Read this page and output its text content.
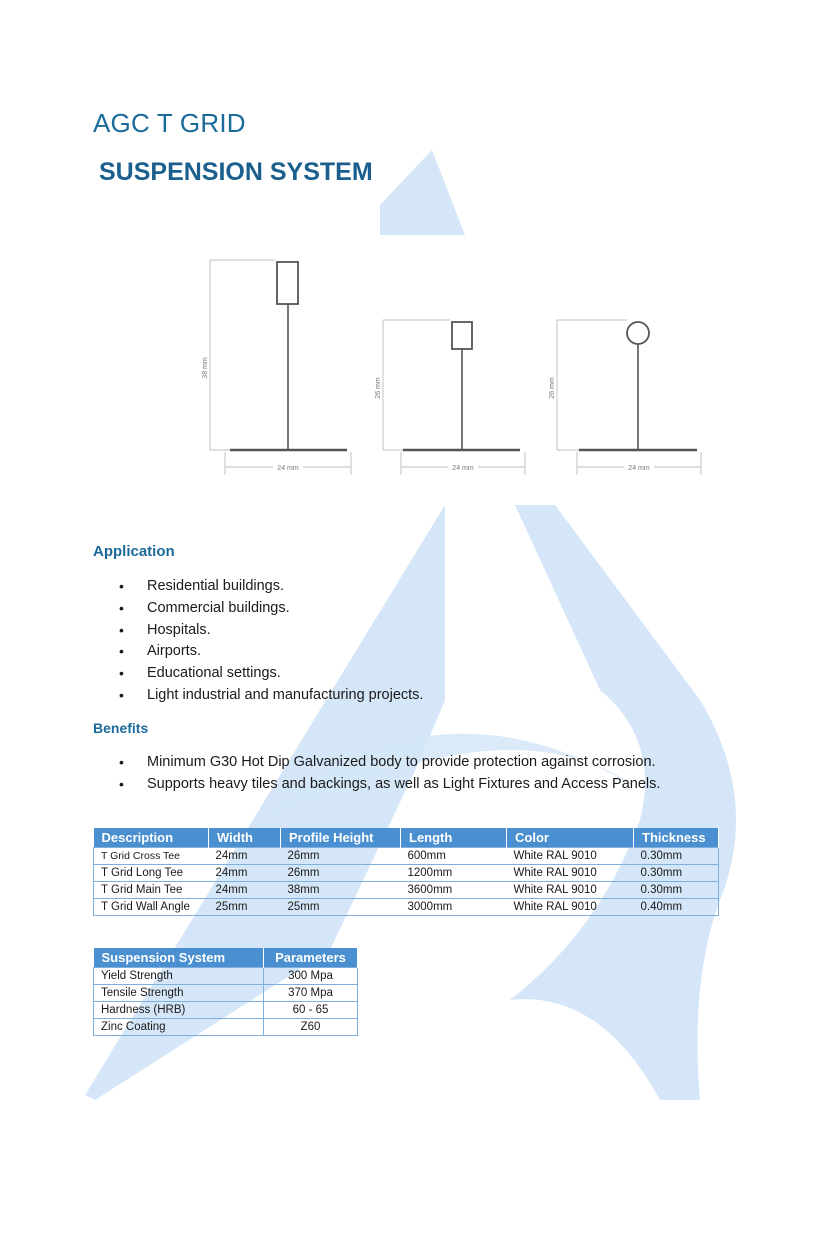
AGC T GRID
SUSPENSION SYSTEM
38 mm
24 mm
26 mm
24 mm
26 mm
24 mm
Application
• Residential buildings.
• Commercial buildings.
• Hospitals.
• Airports.
• Educational settings.
• Light industrial and manufacturing projects.
Benefits
• Minimum G30 Hot Dip Galvanized body to provide protection against corrosion.
• Supports heavy tiles and backings, as well as Light Fixtures and Access Panels.
Description	Width	Profile Height	Length	Color	Thickness
T Grid Cross Tee	24mm	26mm	600mm	White RAL 9010	0.30mm
T Grid Long Tee	24mm	26mm	1200mm	White RAL 9010	0.30mm
T Grid Main Tee	24mm	38mm	3600mm	White RAL 9010	0.30mm
T Grid Wall Angle	25mm	25mm	3000mm	White RAL 9010	0.40mm
Suspension System	Parameters
Yield Strength	300 Mpa
Tensile Strength	370 Mpa
Hardness (HRB)	60 - 65
Zinc Coating	Z60
